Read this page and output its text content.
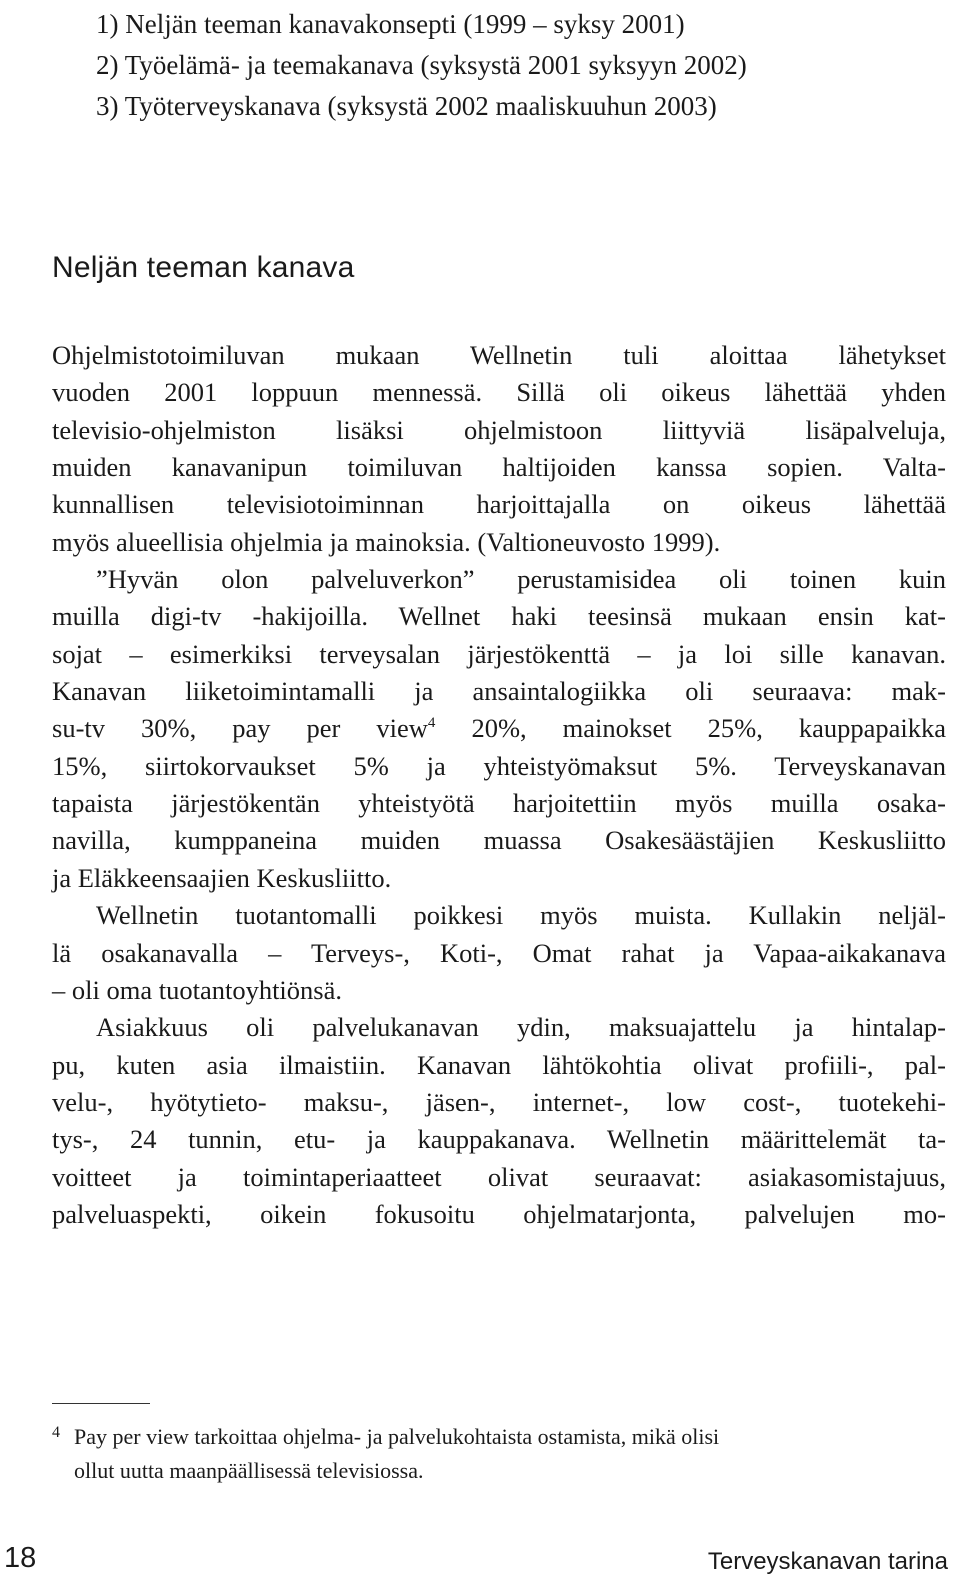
1) Neljän teeman kanavakonsepti (1999 – syksy 2001)
2) Työelämä- ja teemakanava (syksystä 2001 syksyyn 2002)
3) Työterveyskanava (syksystä 2002 maaliskuuhun 2003)
Neljän teeman kanava
Ohjelmistotoimiluvan mukaan Wellnetin tuli aloittaa lähetykset
vuoden 2001 loppuun mennessä. Sillä oli oikeus lähettää yhden
televisio-ohjelmiston lisäksi ohjelmistoon liittyviä lisäpalveluja,
muiden kanavanipun toimiluvan haltijoiden kanssa sopien. Valta-
kunnallisen televisiotoiminnan harjoittajalla on oikeus lähettää
myös alueellisia ohjelmia ja mainoksia. (Valtioneuvosto 1999).
”Hyvän olon palveluverkon” perustamisidea oli toinen kuin
muilla digi-tv -hakijoilla. Wellnet haki teesinsä mukaan ensin kat-
sojat – esimerkiksi terveysalan järjestökenttä – ja loi sille kanavan.
Kanavan liiketoimintamalli ja ansaintalogiikka oli seuraava: mak-
su-tv 30%, pay per view$^4$ 20%, mainokset 25%, kauppapaikka
15%, siirtokorvaukset 5% ja yhteistyömaksut 5%. Terveyskanavan
tapaista järjestökentän yhteistyötä harjoitettiin myös muilla osaka-
navilla, kumppaneina muiden muassa Osakesäästäjien Keskusliitto
ja Eläkkeensaajien Keskusliitto.
Wellnetin tuotantomalli poikkesi myös muista. Kullakin neljäl-
lä osakanavalla – Terveys-, Koti-, Omat rahat ja Vapaa-aikakanava
– oli oma tuotantoyhtiönsä.
Asiakkuus oli palvelukanavan ydin, maksuajattelu ja hintalap-
pu, kuten asia ilmaistiin. Kanavan lähtökohtia olivat profiili-, pal-
velu-, hyötytieto- maksu-, jäsen-, internet-, low cost-, tuotekehi-
tys-, 24 tunnin, etu- ja kauppakanava. Wellnetin määrittelemät ta-
voitteet ja toimintaperiaatteet olivat seuraavat: asiakasomistajuus,
palveluaspekti, oikein fokusoitu ohjelmatarjonta, palvelujen mo-
4 Pay per view tarkoittaa ohjelma- ja palvelukohtaista ostamista, mikä olisi
ollut uutta maanpäällisessä televisiossa.
18	Terveyskanavan tarina
